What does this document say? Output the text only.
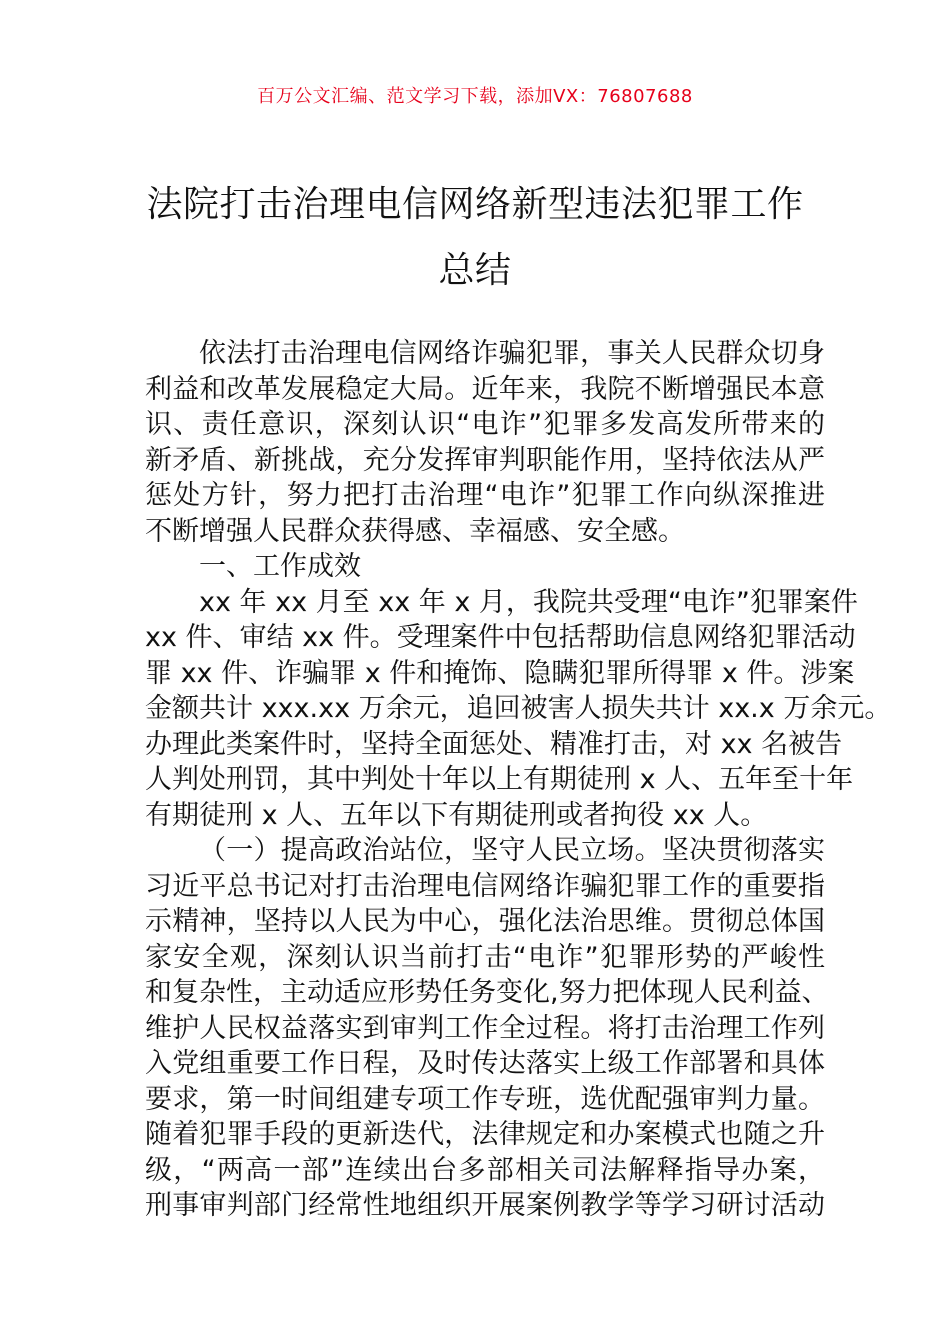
百万公文汇编、范文学习下载，添加VX：76807688
法院打击治理电信网络新型违法犯罪工作
总结
依法打击治理电信网络诈骗犯罪，事关人民群众切身
利益和改革发展稳定大局。近年来，我院不断增强民本意
识、责任意识，深刻认识“电诈”犯罪多发高发所带来的
新矛盾、新挑战，充分发挥审判职能作用，坚持依法从严
惩处方针，努力把打击治理“电诈”犯罪工作向纵深推进
不断增强人民群众获得感、幸福感、安全感。
一、工作成效
xx 年 xx 月至 xx 年 x 月，我院共受理“电诈”犯罪案件
xx 件、审结 xx 件。受理案件中包括帮助信息网络犯罪活动
罪 xx 件、诈骗罪 x 件和掩饰、隐瞒犯罪所得罪 x 件。涉案
金额共计 xxx.xx 万余元，追回被害人损失共计 xx.x 万余元。
办理此类案件时，坚持全面惩处、精准打击，对 xx 名被告
人判处刑罚，其中判处十年以上有期徒刑 x 人、五年至十年
有期徒刑 x 人、五年以下有期徒刑或者拘役 xx 人。
（一）提高政治站位，坚守人民立场。坚决贯彻落实
习近平总书记对打击治理电信网络诈骗犯罪工作的重要指
示精神，坚持以人民为中心，强化法治思维。贯彻总体国
家安全观，深刻认识当前打击“电诈”犯罪形势的严峻性
和复杂性，主动适应形势任务变化,努力把体现人民利益、
维护人民权益落实到审判工作全过程。将打击治理工作列
入党组重要工作日程，及时传达落实上级工作部署和具体
要求，第一时间组建专项工作专班，选优配强审判力量。
随着犯罪手段的更新迭代，法律规定和办案模式也随之升
级，“两高一部”连续出台多部相关司法解释指导办案，
刑事审判部门经常性地组织开展案例教学等学习研讨活动
